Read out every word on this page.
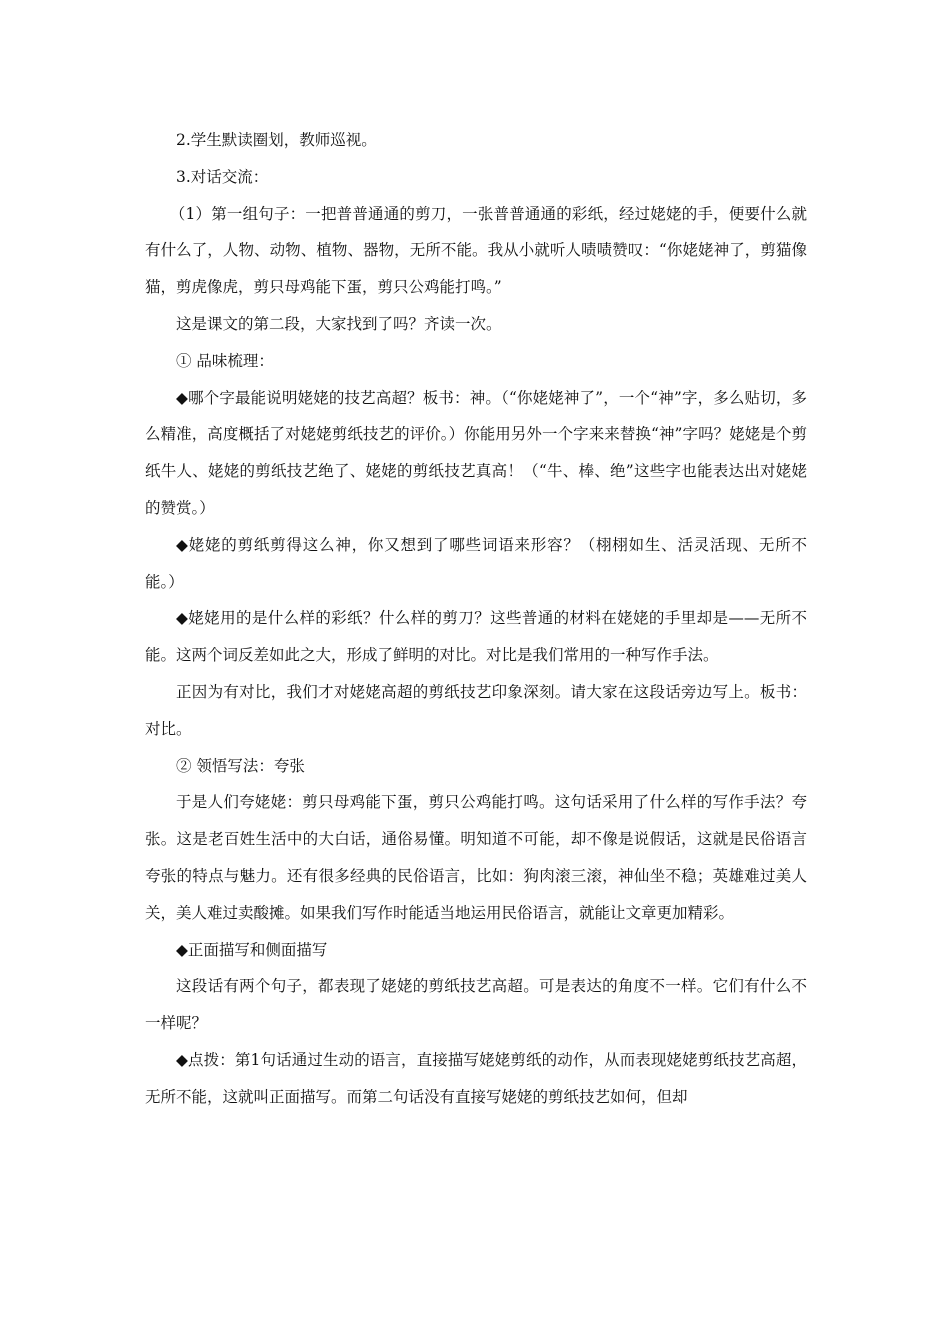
2.学生默读圈划，教师巡视。

3.对话交流：

（1）第一组句子：一把普普通通的剪刀，一张普普通通的彩纸，经过姥姥的手，便要什么就有什么了，人物、动物、植物、器物，无所不能。我从小就听人啧啧赞叹：“你姥姥神了，剪猫像猫，剪虎像虎，剪只母鸡能下蛋，剪只公鸡能打鸣。”

这是课文的第二段，大家找到了吗？齐读一次。

① 品味梳理：

◆哪个字最能说明姥姥的技艺高超？板书：神。（“你姥姥神了”，一个“神”字，多么贴切，多么精准，高度概括了对姥姥剪纸技艺的评价。）你能用另外一个字来来替换“神”字吗？姥姥是个剪纸牛人、姥姥的剪纸技艺绝了、姥姥的剪纸技艺真高！（“牛、棒、绝”这些字也能表达出对姥姥的赞赏。）

◆姥姥的剪纸剪得这么神，你又想到了哪些词语来形容？（栩栩如生、活灵活现、无所不能。）

◆姥姥用的是什么样的彩纸？什么样的剪刀？这些普通的材料在姥姥的手里却是——无所不能。这两个词反差如此之大，形成了鲜明的对比。对比是我们常用的一种写作手法。

正因为有对比，我们才对姥姥高超的剪纸技艺印象深刻。请大家在这段话旁边写上。板书：对比。

② 领悟写法：夸张

于是人们夸姥姥：剪只母鸡能下蛋，剪只公鸡能打鸣。这句话采用了什么样的写作手法？夸张。这是老百姓生活中的大白话，通俗易懂。明知道不可能，却不像是说假话，这就是民俗语言夸张的特点与魅力。还有很多经典的民俗语言，比如：狗肉滚三滚，神仙坐不稳；英雄难过美人关，美人难过卖酸摊。如果我们写作时能适当地运用民俗语言，就能让文章更加精彩。

◆正面描写和侧面描写

这段话有两个句子，都表现了姥姥的剪纸技艺高超。可是表达的角度不一样。它们有什么不一样呢？

◆点拨：第1句话通过生动的语言，直接描写姥姥剪纸的动作，从而表现姥姥剪纸技艺高超，无所不能，这就叫正面描写。而第二句话没有直接写姥姥的剪纸技艺如何，但却
